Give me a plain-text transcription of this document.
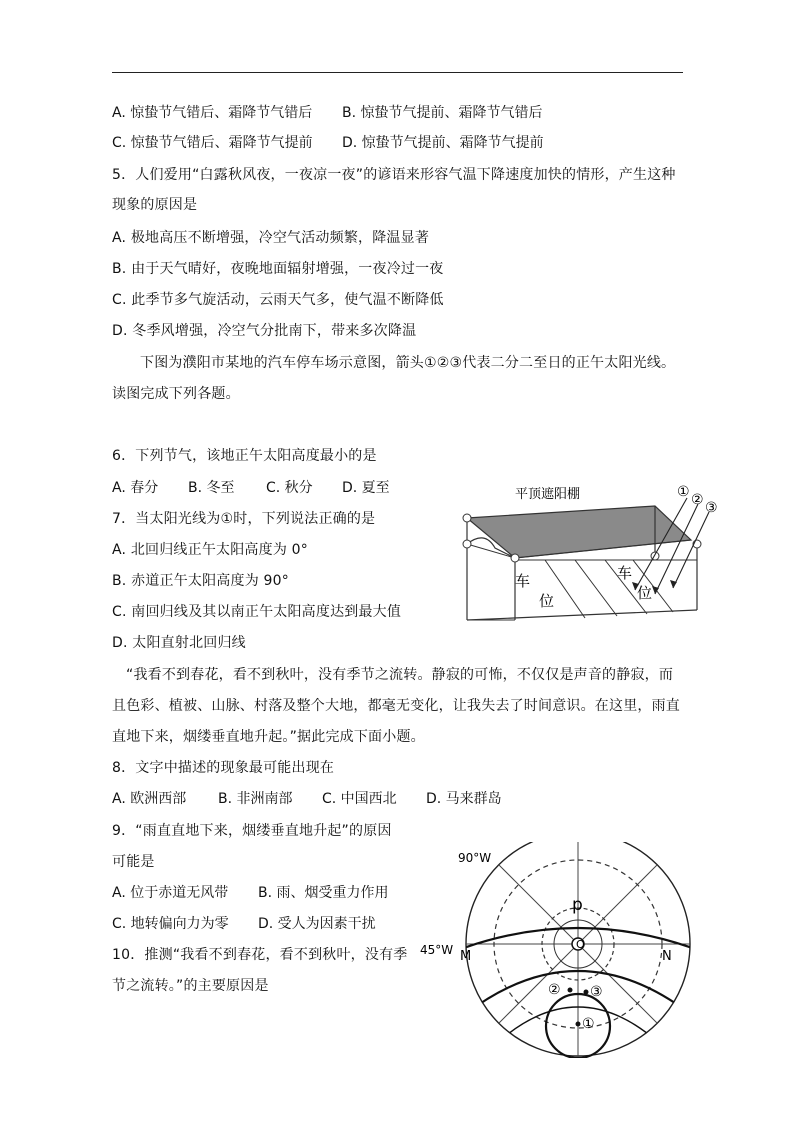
A. 惊蛰节气错后、霜降节气错后 B. 惊蛰节气提前、霜降节气错后
C. 惊蛰节气错后、霜降节气提前 D. 惊蛰节气提前、霜降节气提前
5．人们爱用“白露秋风夜，一夜凉一夜”的谚语来形容气温下降速度加快的情形，产生这种
现象的原因是
A. 极地高压不断增强，冷空气活动频繁，降温显著
B. 由于天气晴好，夜晚地面辐射增强，一夜冷过一夜
C. 此季节多气旋活动，云雨天气多，使气温不断降低
D. 冬季风增强，冷空气分批南下，带来多次降温
下图为濮阳市某地的汽车停车场示意图，箭头①②③代表二分二至日的正午太阳光线。
读图完成下列各题。
6．下列节气，该地正午太阳高度最小的是
A. 春分 B. 冬至 C. 秋分 D. 夏至
7．当太阳光线为①时，下列说法正确的是
A. 北回归线正午太阳高度为 0°
B. 赤道正午太阳高度为 90°
C. 南回归线及其以南正午太阳高度达到最大值
D. 太阳直射北回归线
平顶遮阳棚
车
位
车
位
① ② ③
“我看不到春花，看不到秋叶，没有季节之流转。静寂的可怖，不仅仅是声音的静寂，而
且色彩、植被、山脉、村落及整个大地，都毫无变化，让我失去了时间意识。在这里，雨直
直地下来，烟缕垂直地升起。”据此完成下面小题。
8．文字中描述的现象最可能出现在
A. 欧洲西部 B. 非洲南部 C. 中国西北 D. 马来群岛
9．“雨直直地下来，烟缕垂直地升起”的原因
可能是
A. 位于赤道无风带 B. 雨、烟受重力作用
C. 地转偏向力为零 D. 受人为因素干扰
10．推测“我看不到春花，看不到秋叶，没有季
节之流转。”的主要原因是
90°W
45°W M	N
p
O
② ③
①
